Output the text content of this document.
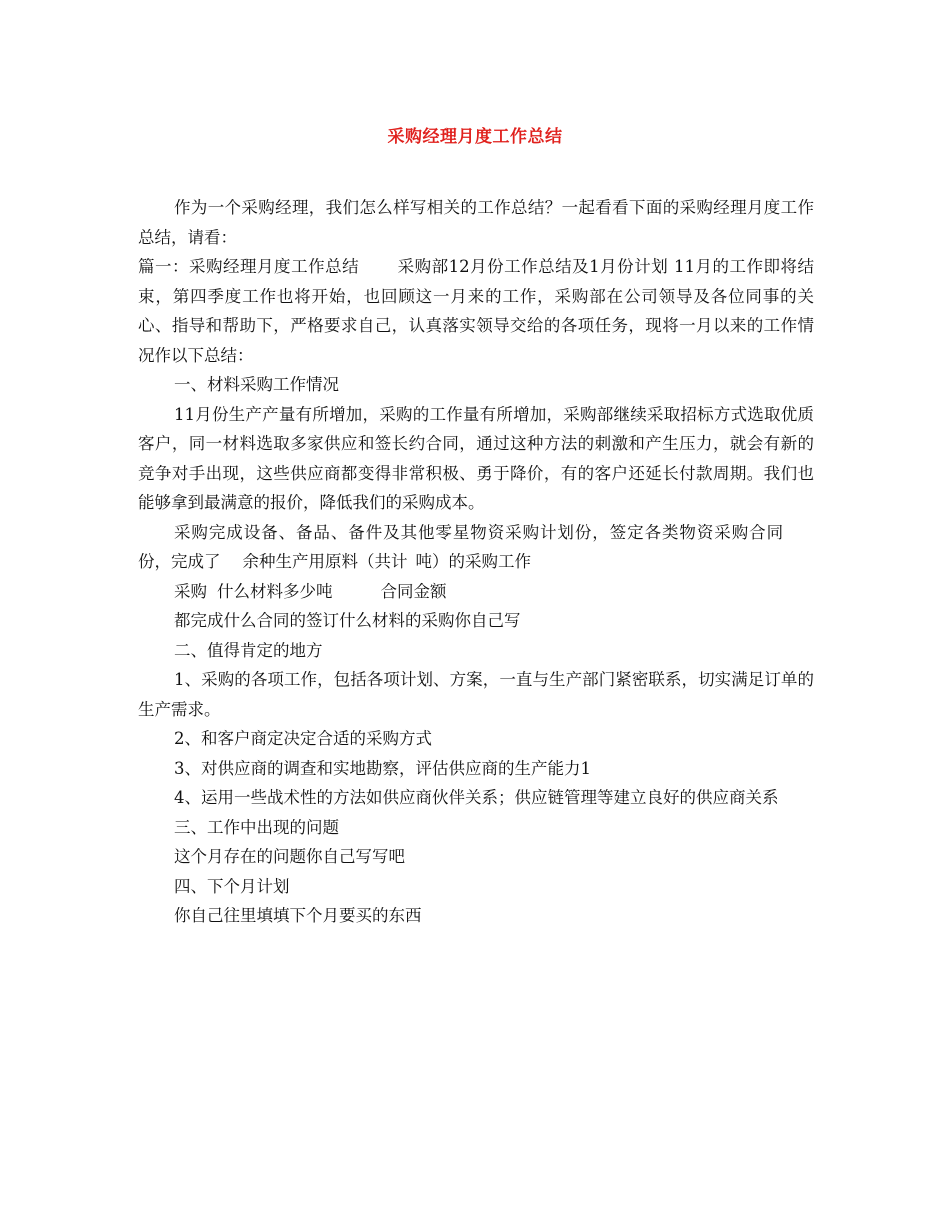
采购经理月度工作总结

作为一个采购经理，我们怎么样写相关的工作总结？一起看看下面的采购经理月度工作总结，请看：

篇一：采购经理月度工作总结 采购部12月份工作总结及1月份计划 11月的工作即将结束，第四季度工作也将开始，也回顾这一月来的工作，采购部在公司领导及各位同事的关心、指导和帮助下，严格要求自己，认真落实领导交给的各项任务，现将一月以来的工作情况作以下总结：

一、材料采购工作情况

11月份生产产量有所增加，采购的工作量有所增加，采购部继续采取招标方式选取优质客户，同一材料选取多家供应和签长约合同，通过这种方法的刺激和产生压力，就会有新的竞争对手出现，这些供应商都变得非常积极、勇于降价，有的客户还延长付款周期。我们也能够拿到最满意的报价，降低我们的采购成本。

采购完成设备、备品、备件及其他零星物资采购计划份，签定各类物资采购合同份，完成了 余种生产用原料（共计 吨）的采购工作

采购 什么材料多少吨	合同金额

都完成什么合同的签订什么材料的采购你自己写

二、值得肯定的地方

1、采购的各项工作，包括各项计划、方案，一直与生产部门紧密联系，切实满足订单的生产需求。

2、和客户商定决定合适的采购方式

3、对供应商的调查和实地勘察，评估供应商的生产能力1

4、运用一些战术性的方法如供应商伙伴关系；供应链管理等建立良好的供应商关系

三、工作中出现的问题

这个月存在的问题你自己写写吧

四、下个月计划

你自己往里填填下个月要买的东西
